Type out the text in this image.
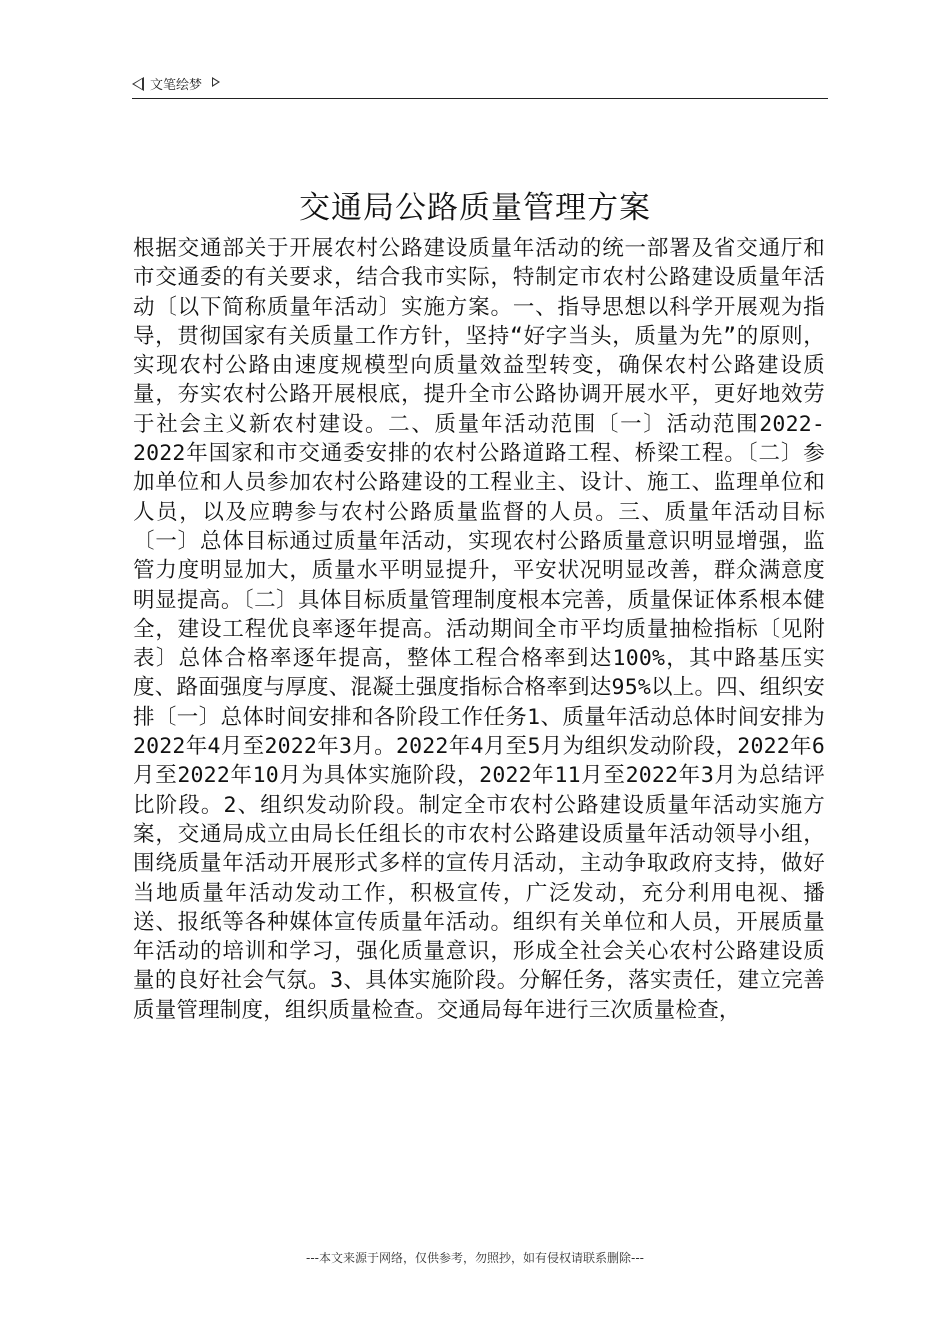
文笔绘梦
交通局公路质量管理方案

根据交通部关于开展农村公路建设质量年活动的统一部署及省交通厅和市交通委的有关要求，结合我市实际，特制定市农村公路建设质量年活动〔以下简称质量年活动〕实施方案。一、指导思想以科学开展观为指导，贯彻国家有关质量工作方针，坚持“好字当头，质量为先”的原则，实现农村公路由速度规模型向质量效益型转变，确保农村公路建设质量，夯实农村公路开展根底，提升全市公路协调开展水平，更好地效劳于社会主义新农村建设。二、质量年活动范围〔一〕活动范围2022-2022年国家和市交通委安排的农村公路道路工程、桥梁工程。〔二〕参加单位和人员参加农村公路建设的工程业主、设计、施工、监理单位和人员，以及应聘参与农村公路质量监督的人员。三、质量年活动目标〔一〕总体目标通过质量年活动，实现农村公路质量意识明显增强，监管力度明显加大，质量水平明显提升，平安状况明显改善，群众满意度明显提高。〔二〕具体目标质量管理制度根本完善，质量保证体系根本健全，建设工程优良率逐年提高。活动期间全市平均质量抽检指标〔见附表〕总体合格率逐年提高，整体工程合格率到达100%，其中路基压实度、路面强度与厚度、混凝土强度指标合格率到达95%以上。四、组织安排〔一〕总体时间安排和各阶段工作任务1、质量年活动总体时间安排为2022年4月至2022年3月。2022年4月至5月为组织发动阶段，2022年6月至2022年10月为具体实施阶段，2022年11月至2022年3月为总结评比阶段。2、组织发动阶段。制定全市农村公路建设质量年活动实施方案，交通局成立由局长任组长的市农村公路建设质量年活动领导小组，围绕质量年活动开展形式多样的宣传月活动，主动争取政府支持，做好当地质量年活动发动工作，积极宣传，广泛发动，充分利用电视、播送、报纸等各种媒体宣传质量年活动。组织有关单位和人员，开展质量年活动的培训和学习，强化质量意识，形成全社会关心农村公路建设质量的良好社会气氛。3、具体实施阶段。分解任务，落实责任，建立完善质量管理制度，组织质量检查。交通局每年进行三次质量检查，

---本文来源于网络，仅供参考，勿照抄，如有侵权请联系删除---
